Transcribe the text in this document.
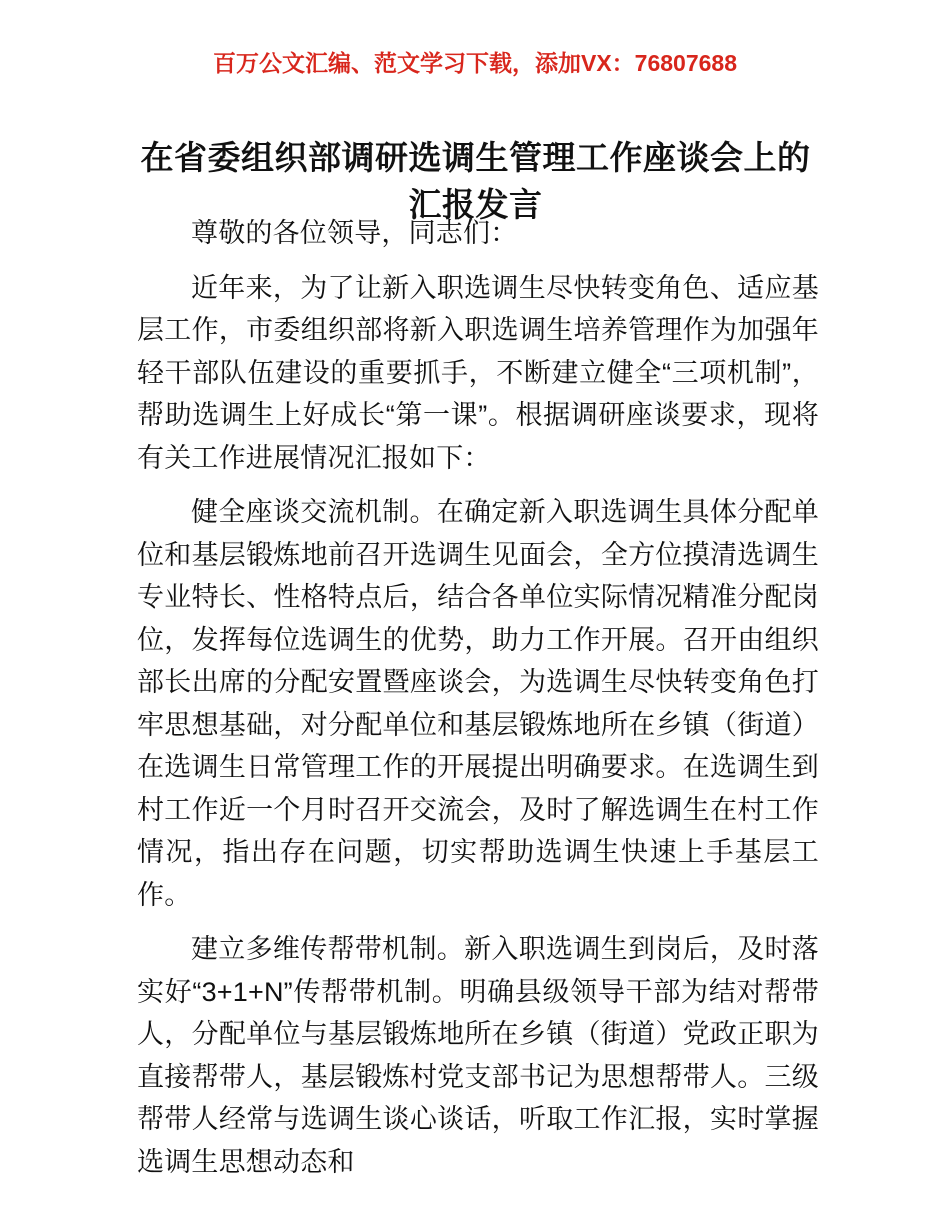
百万公文汇编、范文学习下载，添加VX：76807688
在省委组织部调研选调生管理工作座谈会上的汇报发言

尊敬的各位领导，同志们：

近年来，为了让新入职选调生尽快转变角色、适应基层工作，市委组织部将新入职选调生培养管理作为加强年轻干部队伍建设的重要抓手，不断建立健全“三项机制”，帮助选调生上好成长“第一课”。根据调研座谈要求，现将有关工作进展情况汇报如下：

健全座谈交流机制。在确定新入职选调生具体分配单位和基层锻炼地前召开选调生见面会，全方位摸清选调生专业特长、性格特点后，结合各单位实际情况精准分配岗位，发挥每位选调生的优势，助力工作开展。召开由组织部长出席的分配安置暨座谈会，为选调生尽快转变角色打牢思想基础，对分配单位和基层锻炼地所在乡镇（街道）在选调生日常管理工作的开展提出明确要求。在选调生到村工作近一个月时召开交流会，及时了解选调生在村工作情况，指出存在问题，切实帮助选调生快速上手基层工作。

建立多维传帮带机制。新入职选调生到岗后，及时落实好“3+1+N”传帮带机制。明确县级领导干部为结对帮带人，分配单位与基层锻炼地所在乡镇（街道）党政正职为直接帮带人，基层锻炼村党支部书记为思想帮带人。三级帮带人经常与选调生谈心谈话，听取工作汇报，实时掌握选调生思想动态和
